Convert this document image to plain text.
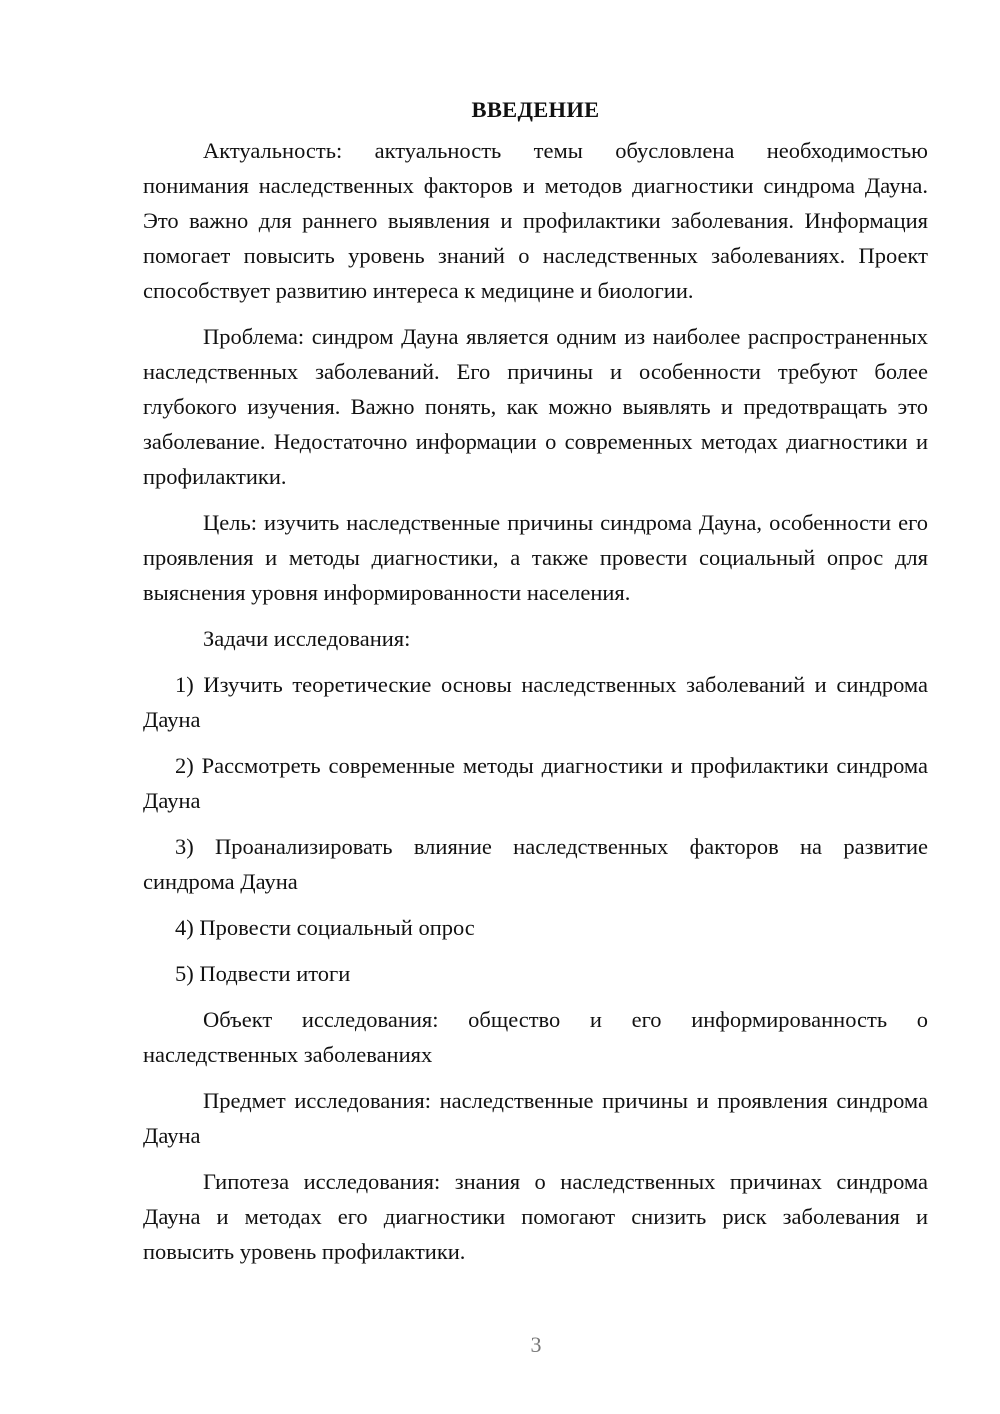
ВВЕДЕНИЕ

Актуальность: актуальность темы обусловлена необходимостью понимания наследственных факторов и методов диагностики синдрома Дауна. Это важно для раннего выявления и профилактики заболевания. Информация помогает повысить уровень знаний о наследственных заболеваниях. Проект способствует развитию интереса к медицине и биологии.

Проблема: синдром Дауна является одним из наиболее распространенных наследственных заболеваний. Его причины и особенности требуют более глубокого изучения. Важно понять, как можно выявлять и предотвращать это заболевание. Недостаточно информации о современных методах диагностики и профилактики.

Цель: изучить наследственные причины синдрома Дауна, особенности его проявления и методы диагностики, а также провести социальный опрос для выяснения уровня информированности населения.

Задачи исследования:

1) Изучить теоретические основы наследственных заболеваний и синдрома Дауна

2) Рассмотреть современные методы диагностики и профилактики синдрома Дауна

3) Проанализировать влияние наследственных факторов на развитие синдрома Дауна

4) Провести социальный опрос

5) Подвести итоги

Объект исследования: общество и его информированность о наследственных заболеваниях

Предмет исследования: наследственные причины и проявления синдрома Дауна

Гипотеза исследования: знания о наследственных причинах синдрома Дауна и методах его диагностики помогают снизить риск заболевания и повысить уровень профилактики.

3
